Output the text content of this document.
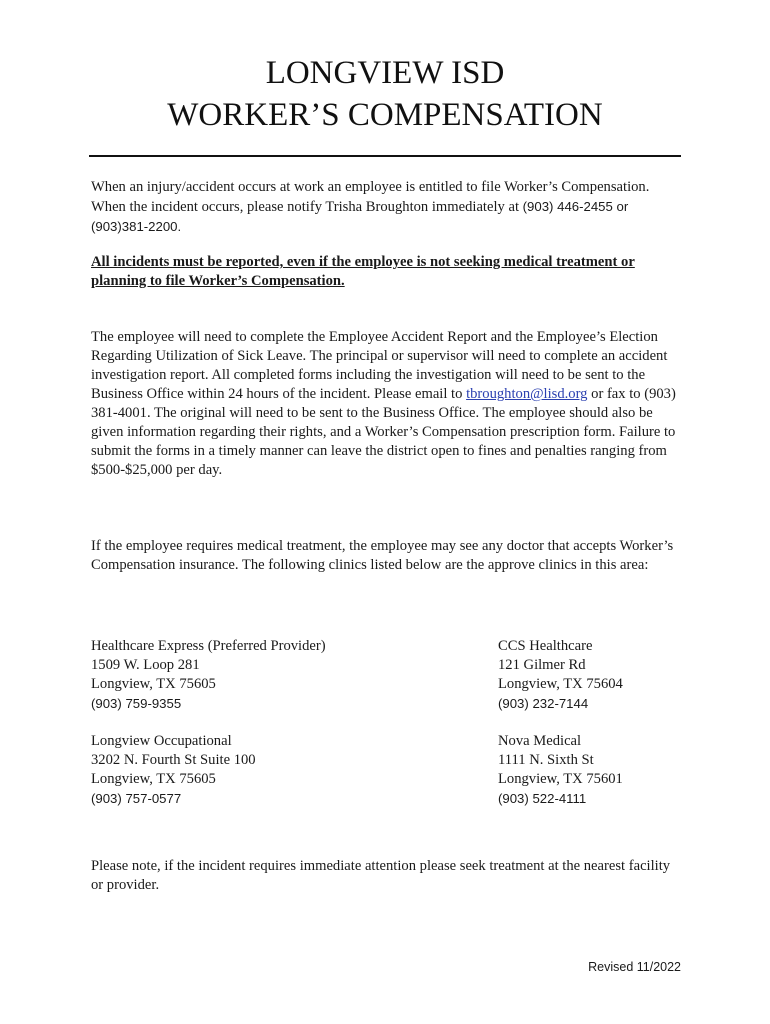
LONGVIEW ISD
WORKER’S COMPENSATION
When an injury/accident occurs at work an employee is entitled to file Worker’s Compensation. When the incident occurs, please notify Trisha Broughton immediately at (903) 446-2455 or (903)381-2200.
All incidents must be reported, even if the employee is not seeking medical treatment or planning to file Worker’s Compensation.
The employee will need to complete the Employee Accident Report and the Employee’s Election Regarding Utilization of Sick Leave. The principal or supervisor will need to complete an accident investigation report. All completed forms including the investigation will need to be sent to the Business Office within 24 hours of the incident. Please email to tbroughton@lisd.org or fax to (903) 381-4001. The original will need to be sent to the Business Office. The employee should also be given information regarding their rights, and a Worker’s Compensation prescription form. Failure to submit the forms in a timely manner can leave the district open to fines and penalties ranging from $500-$25,000 per day.
If the employee requires medical treatment, the employee may see any doctor that accepts Worker’s Compensation insurance. The following clinics listed below are the approve clinics in this area:
Healthcare Express (Preferred Provider)
1509 W. Loop 281
Longview, TX 75605
(903) 759-9355
CCS Healthcare
121 Gilmer Rd
Longview, TX 75604
(903) 232-7144
Longview Occupational
3202 N. Fourth St Suite 100
Longview, TX 75605
(903) 757-0577
Nova Medical
1111 N. Sixth St
Longview, TX 75601
(903) 522-4111
Please note, if the incident requires immediate attention please seek treatment at the nearest facility or provider.
Revised 11/2022
